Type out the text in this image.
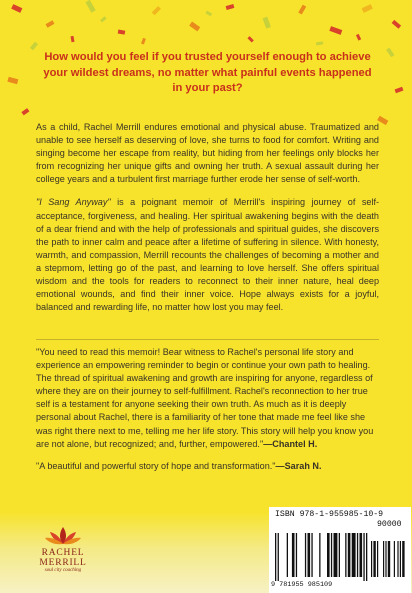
How would you feel if you trusted yourself enough to achieve your wildest dreams, no matter what painful events happened in your past?

As a child, Rachel Merrill endures emotional and physical abuse. Traumatized and unable to see herself as deserving of love, she turns to food for comfort. Writing and singing become her escape from reality, but hiding from her feelings only blocks her from recognizing her unique gifts and owning her truth. A sexual assault during her college years and a turbulent first marriage further erode her sense of self-worth.

"I Sang Anyway" is a poignant memoir of Merrill's inspiring journey of self-acceptance, forgiveness, and healing. Her spiritual awakening begins with the death of a dear friend and with the help of professionals and spiritual guides, she discovers the path to inner calm and peace after a lifetime of suffering in silence. With honesty, warmth, and compassion, Merrill recounts the challenges of becoming a mother and a stepmom, letting go of the past, and learning to love herself. She offers spiritual wisdom and the tools for readers to reconnect to their inner nature, heal deep emotional wounds, and find their inner voice. Hope always exists for a joyful, balanced and rewarding life, no matter how lost you may feel.

"You need to read this memoir! Bear witness to Rachel's personal life story and experience an empowering reminder to begin or continue your own path to healing. The thread of spiritual awakening and growth are inspiring for anyone, regardless of where they are on their journey to self-fulfillment. Rachel's reconnection to her true self is a testament for anyone seeking their own truth. As much as it is deeply personal about Rachel, there is a familiarity of her tone that made me feel like she was right there next to me, telling me her life story. This story will help you know you are not alone, but recognized; and, further, empowered."—Chantel H.

"A beautiful and powerful story of hope and transformation."—Sarah N.

RACHEL MERRILL
soul city coaching
ISBN 978-1-955985-10-9
90000
9 781955 985109
